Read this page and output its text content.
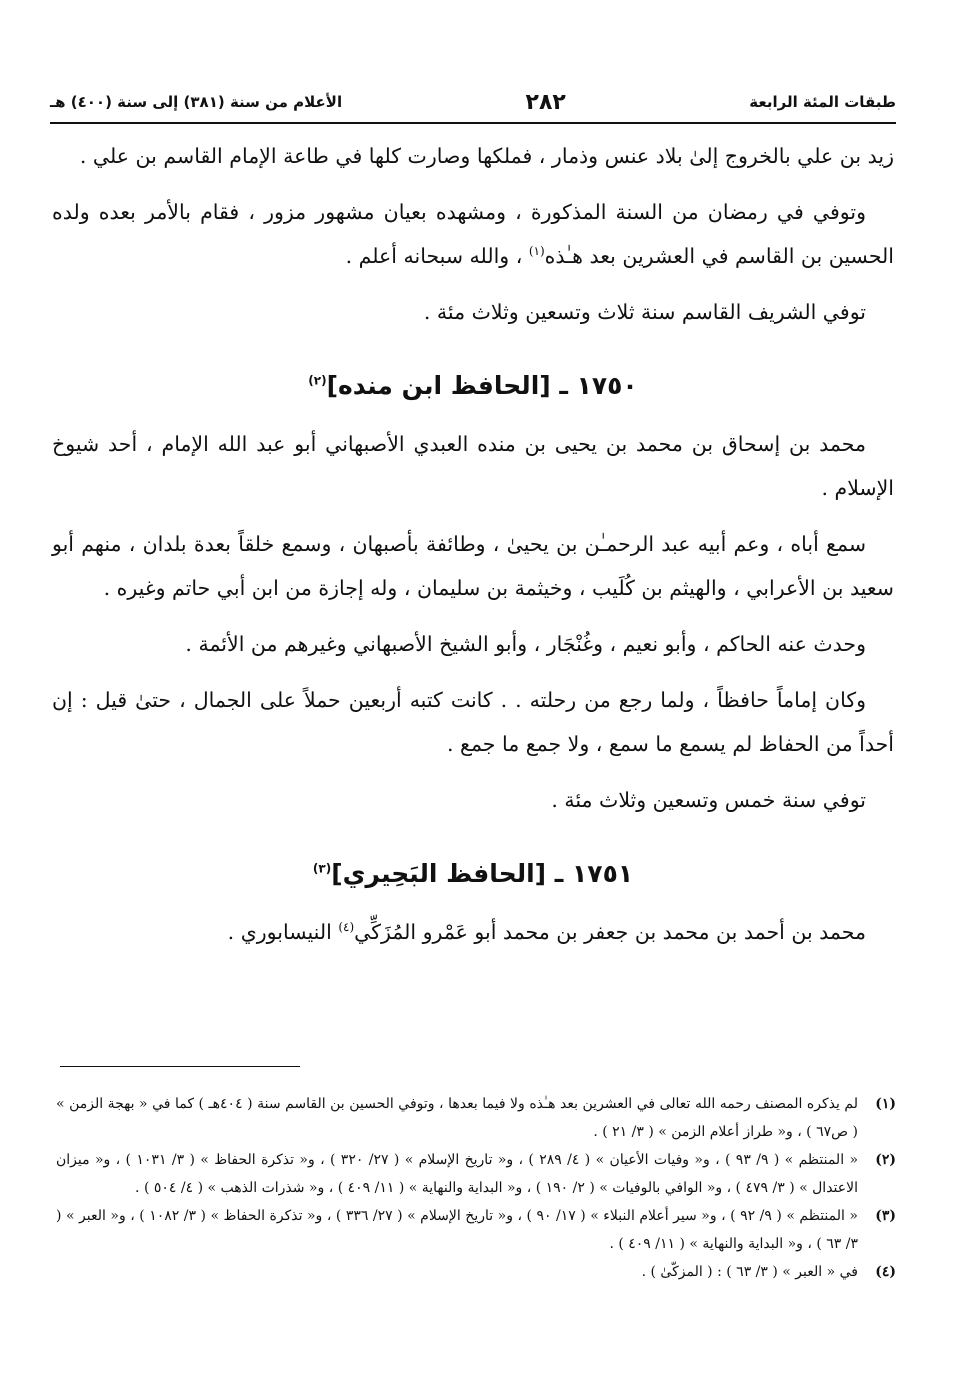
طبقات المئة الرابعة
٢٨٢
الأعلام من سنة (٣٨١) إلى سنة (٤٠٠) هـ

زيد بن علي بالخروج إلىٰ بلاد عنس وذمار ، فملكها وصارت كلها في طاعة الإمام القاسم بن علي .

وتوفي في رمضان من السنة المذكورة ، ومشهده بعيان مشهور مزور ، فقام بالأمر بعده ولده الحسين بن القاسم في العشرين بعد هـٰذه$^{(١)}$ ، والله سبحانه أعلم .

توفي الشريف القاسم سنة ثلاث وتسعين وثلاث مئة .

١٧٥٠ ـ [الحافظ ابن منده]$^{(٢)}$

محمد بن إسحاق بن محمد بن يحيى بن منده العبدي الأصبهاني أبو عبد الله الإمام ، أحد شيوخ الإسلام .

سمع أباه ، وعم أبيه عبد الرحمـٰن بن يحيىٰ ، وطائفة بأصبهان ، وسمع خلقاً بعدة بلدان ، منهم أبو سعيد بن الأعرابي ، والهيثم بن كُلَيب ، وخيثمة بن سليمان ، وله إجازة من ابن أبي حاتم وغيره .

وحدث عنه الحاكم ، وأبو نعيم ، وغُنْجَار ، وأبو الشيخ الأصبهاني وغيرهم من الأئمة .

وكان إماماً حافظاً ، ولما رجع من رحلته . . كانت كتبه أربعين حملاً على الجمال ، حتىٰ قيل : إن أحداً من الحفاظ لم يسمع ما سمع ، ولا جمع ما جمع .

توفي سنة خمس وتسعين وثلاث مئة .

١٧٥١ ـ [الحافظ البَحِيري]$^{(٣)}$

محمد بن أحمد بن محمد بن جعفر بن محمد أبو عَمْرو المُزَكِّي$^{(٤)}$ النيسابوري .

(١)
لم يذكره المصنف رحمه الله تعالى في العشرين بعد هـٰذه ولا فيما بعدها ، وتوفي الحسين بن القاسم سنة ( ٤٠٤هـ ) كما في « بهجة الزمن » ( ص٦٧ ) ، و« طراز أعلام الزمن » ( ٣/ ٢١ ) .
(٢)
« المنتظم » ( ٩/ ٩٣ ) ، و« وفيات الأعيان » ( ٤/ ٢٨٩ ) ، و« تاريخ الإسلام » ( ٢٧/ ٣٢٠ ) ، و« تذكرة الحفاظ » ( ٣/ ١٠٣١ ) ، و« ميزان الاعتدال » ( ٣/ ٤٧٩ ) ، و« الوافي بالوفيات » ( ٢/ ١٩٠ ) ، و« البداية والنهاية » ( ١١/ ٤٠٩ ) ، و« شذرات الذهب » ( ٤/ ٥٠٤ ) .
(٣)
« المنتظم » ( ٩/ ٩٢ ) ، و« سير أعلام النبلاء » ( ١٧/ ٩٠ ) ، و« تاريخ الإسلام » ( ٢٧/ ٣٣٦ ) ، و« تذكرة الحفاظ » ( ٣/ ١٠٨٢ ) ، و« العبر » ( ٣/ ٦٣ ) ، و« البداية والنهاية » ( ١١/ ٤٠٩ ) .
(٤)
في « العبر » ( ٣/ ٦٣ ) : ( المزكّىٰ ) .
